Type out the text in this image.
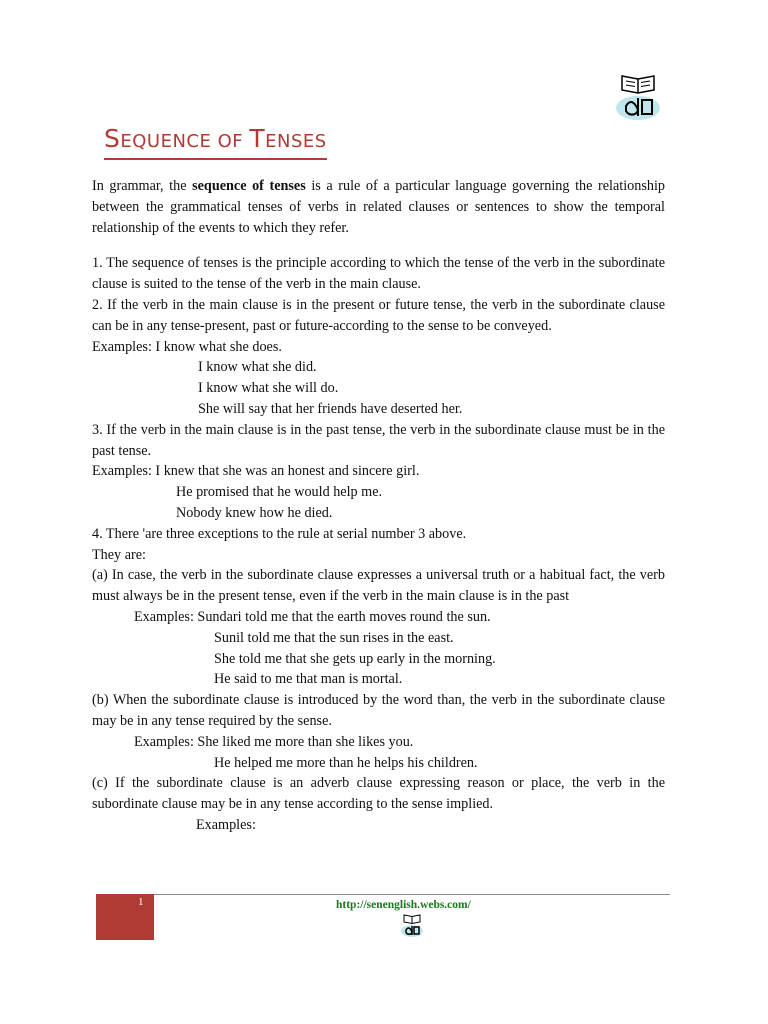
SEQUENCE OF TENSES

In grammar, the sequence of tenses is a rule of a particular language governing the relationship between the grammatical tenses of verbs in related clauses or sentences to show the temporal relationship of the events to which they refer.

1. The sequence of tenses is the principle according to which the tense of the verb in the subordinate clause is suited to the tense of the verb in the main clause.

2. If the verb in the main clause is in the present or future tense, the verb in the subordinate clause can be in any tense-present, past or future-according to the sense to be conveyed.

Examples: I know what she does.

I know what she did.

I know what she will do.

She will say that her friends have deserted her.

3. If the verb in the main clause is in the past tense, the verb in the subordinate clause must be in the past tense.

Examples: I knew that she was an honest and sincere girl.

He promised that he would help me.

Nobody knew how he died.

4. There 'are three exceptions to the rule at serial number 3 above.

They are:

(a) In case, the verb in the subordinate clause expresses a universal truth or a habitual fact, the verb must always be in the present tense, even if the verb in the main clause is in the past

Examples: Sundari told me that the earth moves round the sun.

Sunil told me that the sun rises in the east.

She told me that she gets up early in the morning.

He said to me that man is mortal.

(b) When the subordinate clause is introduced by the word than, the verb in the subordinate clause may be in any tense required by the sense.

Examples: She liked me more than she likes you.

He helped me more than he helps his children.

(c) If the subordinate clause is an adverb clause expressing reason or place, the verb in the subordinate clause may be in any tense according to the sense implied.

Examples:

1	http://senenglish.webs.com/
